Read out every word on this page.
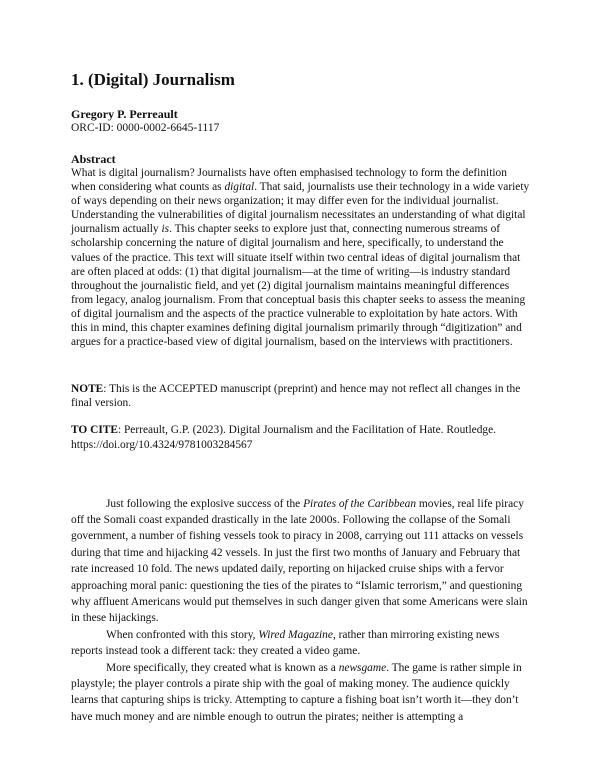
1. (Digital) Journalism
Gregory P. Perreault
ORC-ID: 0000-0002-6645-1117
Abstract

What is digital journalism? Journalists have often emphasised technology to form the definition when considering what counts as digital. That said, journalists use their technology in a wide variety of ways depending on their news organization; it may differ even for the individual journalist. Understanding the vulnerabilities of digital journalism necessitates an understanding of what digital journalism actually is. This chapter seeks to explore just that, connecting numerous streams of scholarship concerning the nature of digital journalism and here, specifically, to understand the values of the practice. This text will situate itself within two central ideas of digital journalism that are often placed at odds: (1) that digital journalism—at the time of writing—is industry standard throughout the journalistic field, and yet (2) digital journalism maintains meaningful differences from legacy, analog journalism. From that conceptual basis this chapter seeks to assess the meaning of digital journalism and the aspects of the practice vulnerable to exploitation by hate actors. With this in mind, this chapter examines defining digital journalism primarily through “digitization” and argues for a practice-based view of digital journalism, based on the interviews with practitioners.

NOTE: This is the ACCEPTED manuscript (preprint) and hence may not reflect all changes in the final version.

TO CITE: Perreault, G.P. (2023). Digital Journalism and the Facilitation of Hate. Routledge. https://doi.org/10.4324/9781003284567

Just following the explosive success of the Pirates of the Caribbean movies, real life piracy off the Somali coast expanded drastically in the late 2000s. Following the collapse of the Somali government, a number of fishing vessels took to piracy in 2008, carrying out 111 attacks on vessels during that time and hijacking 42 vessels. In just the first two months of January and February that rate increased 10 fold. The news updated daily, reporting on hijacked cruise ships with a fervor approaching moral panic: questioning the ties of the pirates to “Islamic terrorism,” and questioning why affluent Americans would put themselves in such danger given that some Americans were slain in these hijackings.

When confronted with this story, Wired Magazine, rather than mirroring existing news reports instead took a different tack: they created a video game.

More specifically, they created what is known as a newsgame. The game is rather simple in playstyle; the player controls a pirate ship with the goal of making money. The audience quickly learns that capturing ships is tricky. Attempting to capture a fishing boat isn’t worth it—they don’t have much money and are nimble enough to outrun the pirates; neither is attempting a
